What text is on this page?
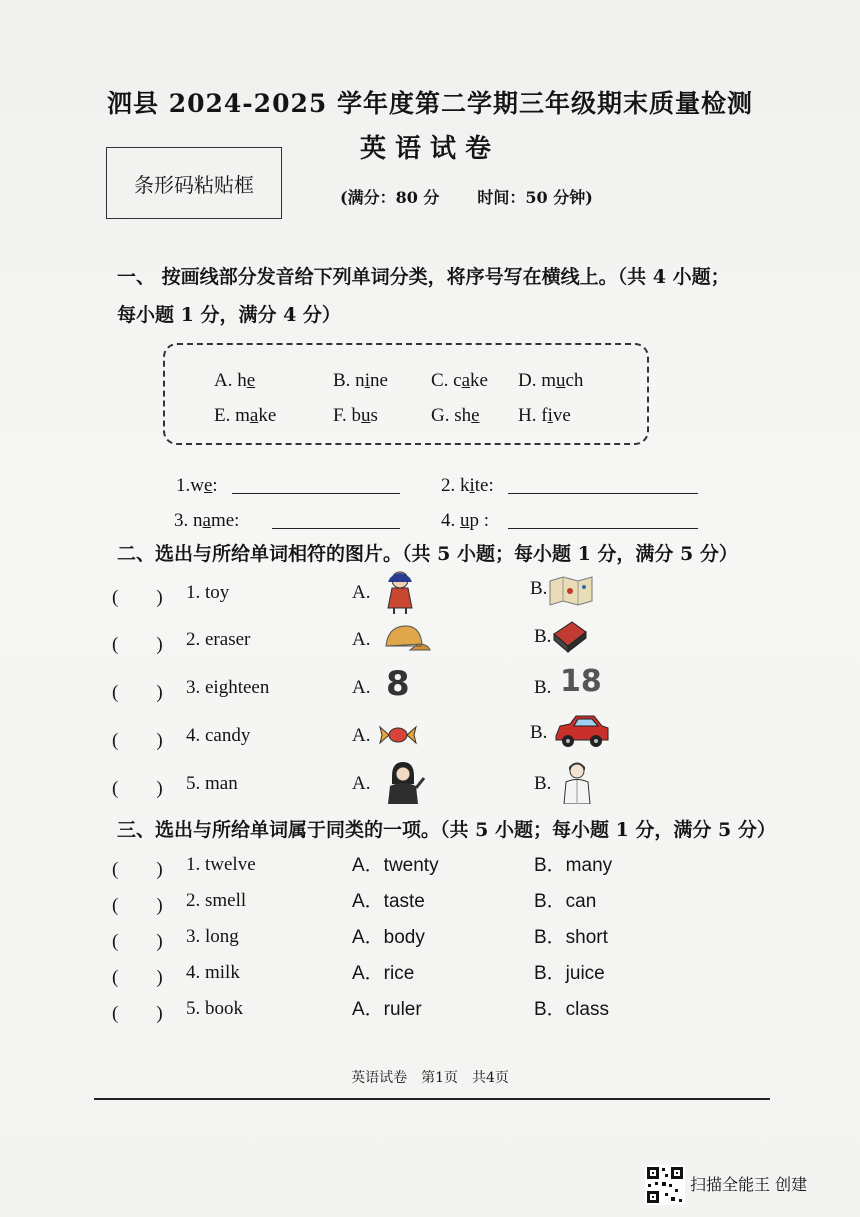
泗县 2024-2025 学年度第二学期三年级期末质量检测
英语试卷
条形码粘贴框
(满分：80 分 时间：50 分钟)
一、 按画线部分发音给下列单词分类，将序号写在横线上。（共 4 小题；
每小题 1 分，满分 4 分）
A. he	B. nine C. cake D. much
E. make	F. bus	G. she H. five
1.we:	2. kite:
3. name:	4. up :
二、选出与所给单词相符的图片。（共 5 小题；每小题 1 分，满分 5 分）
(　　) 1. toy	A.	B.
(　　) 2. eraser	A.	B.
(　　) 3. eighteen	A. 8	B. 18
(　　) 4. candy	A.	B.
(　　) 5. man	A.	B.
三、选出与所给单词属于同类的一项。（共 5 小题；每小题 1 分，满分 5 分）
(　　) 1. twelve	A．twenty	B．many
(　　) 2. smell	A．taste	B．can
(　　) 3. long	A．body	B．short
(　　) 4. milk	A．rice	B．juice
(　　) 5. book	A．ruler	B．class
英语试卷　第1页　共4页
扫描全能王 创建
